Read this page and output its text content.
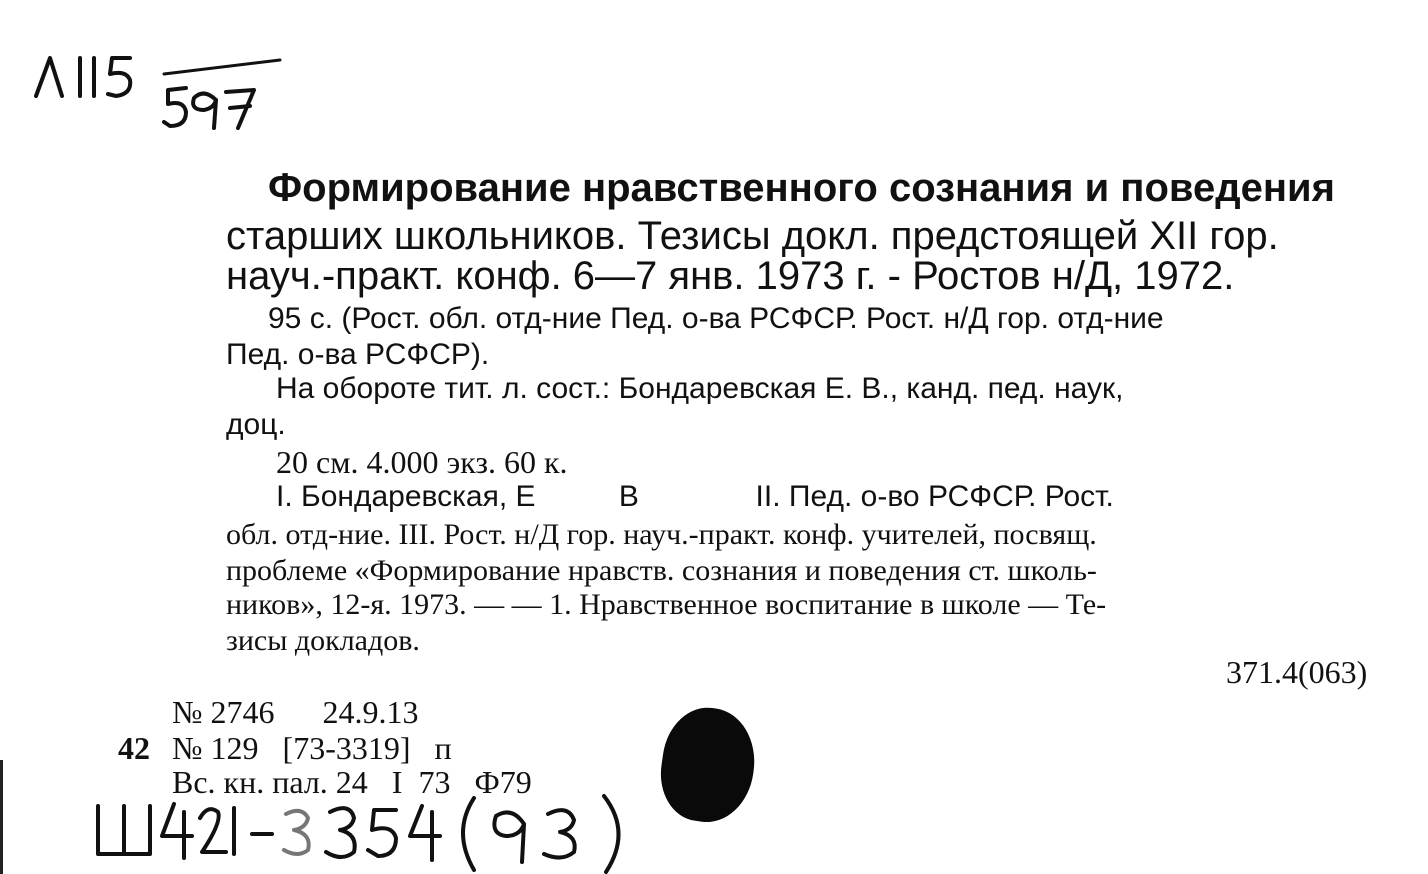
Формирование нравственного сознания и поведения
старших школьников. Тезисы докл. предстоящей XII гор.
науч.-практ. конф. 6—7 янв. 1973 г. - Ростов н/Д, 1972.
95 с. (Рост. обл. отд-ние Пед. о-ва РСФСР. Рост. н/Д гор. отд-ние
Пед. о-ва РСФСР).
На обороте тит. л. сост.: Бондаревская Е. В., канд. пед. наук,
доц.
20 см. 4.000 экз. 60 к.
I. Бондаревская, Е          В              II. Пед. о-во РСФСР. Рост.
обл. отд-ние. III. Рост. н/Д гор. науч.-практ. конф. учителей, посвящ.
проблеме «Формирование нравств. сознания и поведения ст. школь-
ников», 12-я. 1973. — — 1. Нравственное воспитание в школе — Те-
зисы докладов.
371.4(063)
№ 2746      24.9.13
42 № 129   [73-3319]   п
Вс. кн. пал. 24   I  73   Ф79
